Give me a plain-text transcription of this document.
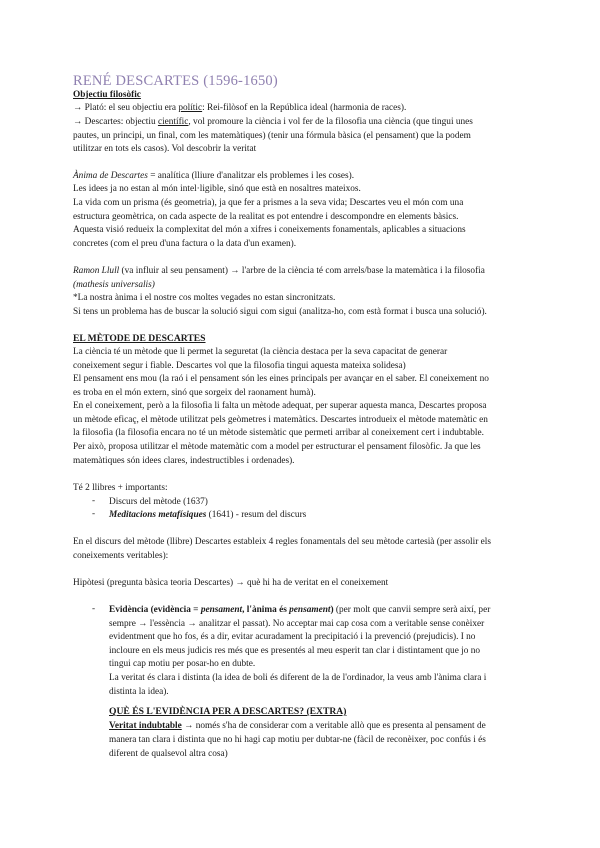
RENÉ DESCARTES (1596-1650)
Objectiu filosòfic
→ Plató: el seu objectiu era polític: Rei-filòsof en la República ideal (harmonia de races).
→ Descartes: objectiu científic, vol promoure la ciència i vol fer de la filosofia una ciència (que tingui unes
pautes, un principi, un final, com les matemàtiques) (tenir una fórmula bàsica (el pensament) que la podem
utilitzar en tots els casos). Vol descobrir la veritat
Ànima de Descartes = analítica (lliure d'analitzar els problemes i les coses).
Les idees ja no estan al món intel·ligible, sinó que està en nosaltres mateixos.
La vida com un prisma (és geometria), ja que fer a prismes a la seva vida; Descartes veu el món com una
estructura geomètrica, on cada aspecte de la realitat es pot entendre i descompondre en elements bàsics.
Aquesta visió redueix la complexitat del món a xifres i coneixements fonamentals, aplicables a situacions
concretes (com el preu d'una factura o la data d'un examen).
Ramon Llull (va influir al seu pensament) → l'arbre de la ciència té com arrels/base la matemàtica i la filosofia
(mathesis universalis)
*La nostra ànima i el nostre cos moltes vegades no estan sincronitzats.
Si tens un problema has de buscar la solució sigui com sigui (analitza-ho, com està format i busca una solució).
EL MÈTODE DE DESCARTES
La ciència té un mètode que li permet la seguretat (la ciència destaca per la seva capacitat de generar
coneixement segur i fiable. Descartes vol que la filosofia tingui aquesta mateixa solidesa)
El pensament ens mou (la raó i el pensament són les eines principals per avançar en el saber. El coneixement no
es troba en el món extern, sinó que sorgeix del raonament humà).
En el coneixement, però a la filosofia li falta un mètode adequat, per superar aquesta manca, Descartes proposa
un mètode eficaç, el mètode utilitzat pels geòmetres i matemàtics. Descartes introdueix el mètode matemàtic en
la filosofia (la filosofia encara no té un mètode sistemàtic que permeti arribar al coneixement cert i indubtable.
Per això, proposa utilitzar el mètode matemàtic com a model per estructurar el pensament filosòfic. Ja que les
matemàtiques són idees clares, indestructibles i ordenades).
Té 2 llibres + importants:
- Discurs del mètode (1637)
- Meditacions metafísiques (1641) - resum del discurs
En el discurs del mètode (llibre) Descartes estableix 4 regles fonamentals del seu mètode cartesià (per assolir els
coneixements veritables):
Hipòtesi (pregunta bàsica teoria Descartes) → què hi ha de veritat en el coneixement
- Evidència (evidència = pensament, l'ànima és pensament) (per molt que canvii sempre serà així, per
sempre → l'essència → analitzar el passat). No acceptar mai cap cosa com a veritable sense conèixer
evidentment que ho fos, és a dir, evitar acuradament la precipitació i la prevenció (prejudicis). I no
incloure en els meus judicis res més que es presentés al meu esperit tan clar i distintament que jo no
tingui cap motiu per posar-ho en dubte.
La veritat és clara i distinta (la idea de boli és diferent de la de l'ordinador, la veus amb l'ànima clara i
distinta la idea).
QUÈ ÉS L'EVIDÈNCIA PER A DESCARTES? (EXTRA)
Veritat indubtable → només s'ha de considerar com a veritable allò que es presenta al pensament de
manera tan clara i distinta que no hi hagi cap motiu per dubtar-ne (fàcil de reconèixer, poc confús i és
diferent de qualsevol altra cosa)
